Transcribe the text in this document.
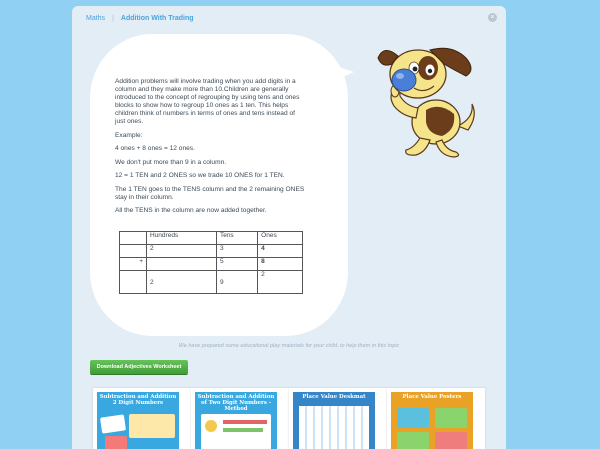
Maths | Addition With Trading	×

Addition problems will involve trading when you add digits in a column and they make more than 10.Children are generally introduced to the concept of regrouping by using tens and ones blocks to show how to regroup 10 ones as 1 ten. This helps children think of numbers in terms of ones and tens instead of just ones.

Example:

4 ones + 8 ones = 12 ones.

We don't put more than 9 in a column.

12 = 1 TEN and 2 ONES so we trade 10 ONES for 1 TEN.

The 1 TEN goes to the TENS column and the 2 remaining ONES stay in their column.

All the TENS in the column are now added together.

	Hundreds	Tens	Ones
	2	3	4
+		5	8
	2	9	2
We have prepared some educational play materials for your child, to help them in this topic
Download Adjectives Worksheet
Subtraction and Addition 2 Digit Numbers
Subtraction and Addition of Two Digit Numbers - Method
Place Value Deskmat	Place Value Posters
